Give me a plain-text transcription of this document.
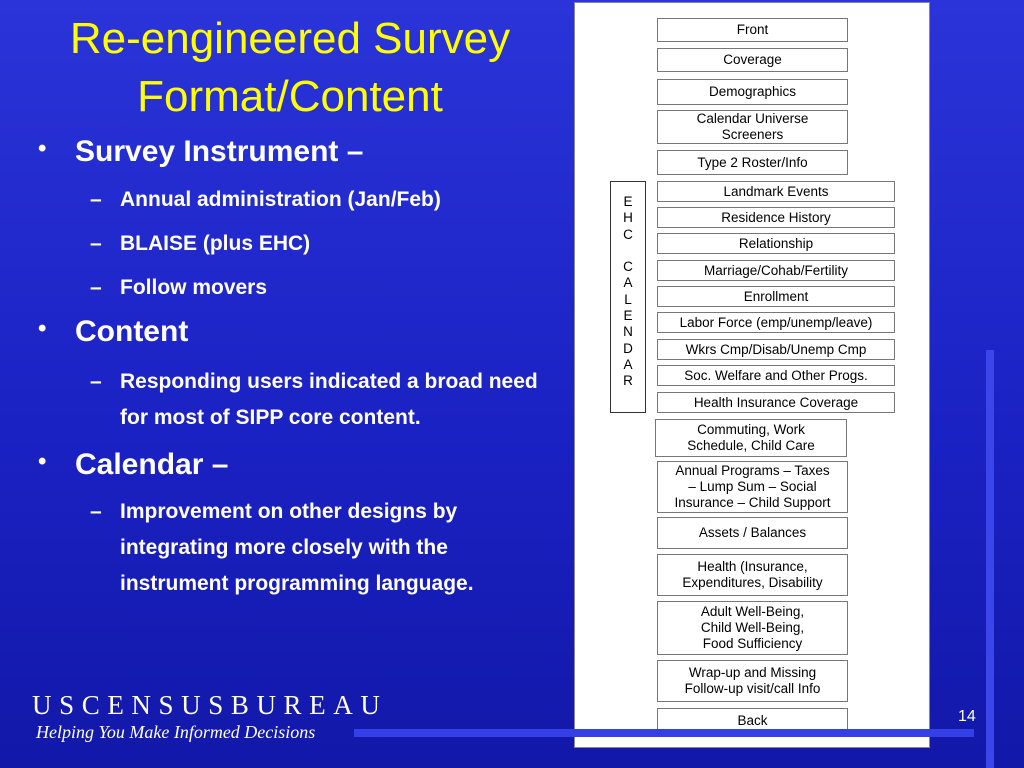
Re-engineered Survey
Format/Content
• Survey Instrument –
– Annual administration (Jan/Feb)
– BLAISE (plus EHC)
– Follow movers
• Content
– Responding users indicated a broad need for most of SIPP core content.
• Calendar –
– Improvement on other designs by integrating more closely with the instrument programming language.
E
H
C

C
A
L
E
N
D
A
R
Front
Coverage
Demographics
Calendar Universe
Screeners
Type 2 Roster/Info
Landmark Events
Residence History
Relationship
Marriage/Cohab/Fertility
Enrollment
Labor Force (emp/unemp/leave)
Wkrs Cmp/Disab/Unemp Cmp
Soc. Welfare and Other Progs.
Health Insurance Coverage
Commuting, Work
Schedule, Child Care
Annual Programs – Taxes
– Lump Sum – Social
Insurance – Child Support
Assets / Balances
Health (Insurance,
Expenditures, Disability
Adult Well-Being,
Child Well-Being,
Food Sufficiency
Wrap-up and Missing
Follow-up visit/call Info
Back
USCENSUSBUREAU
Helping You Make Informed Decisions
14
